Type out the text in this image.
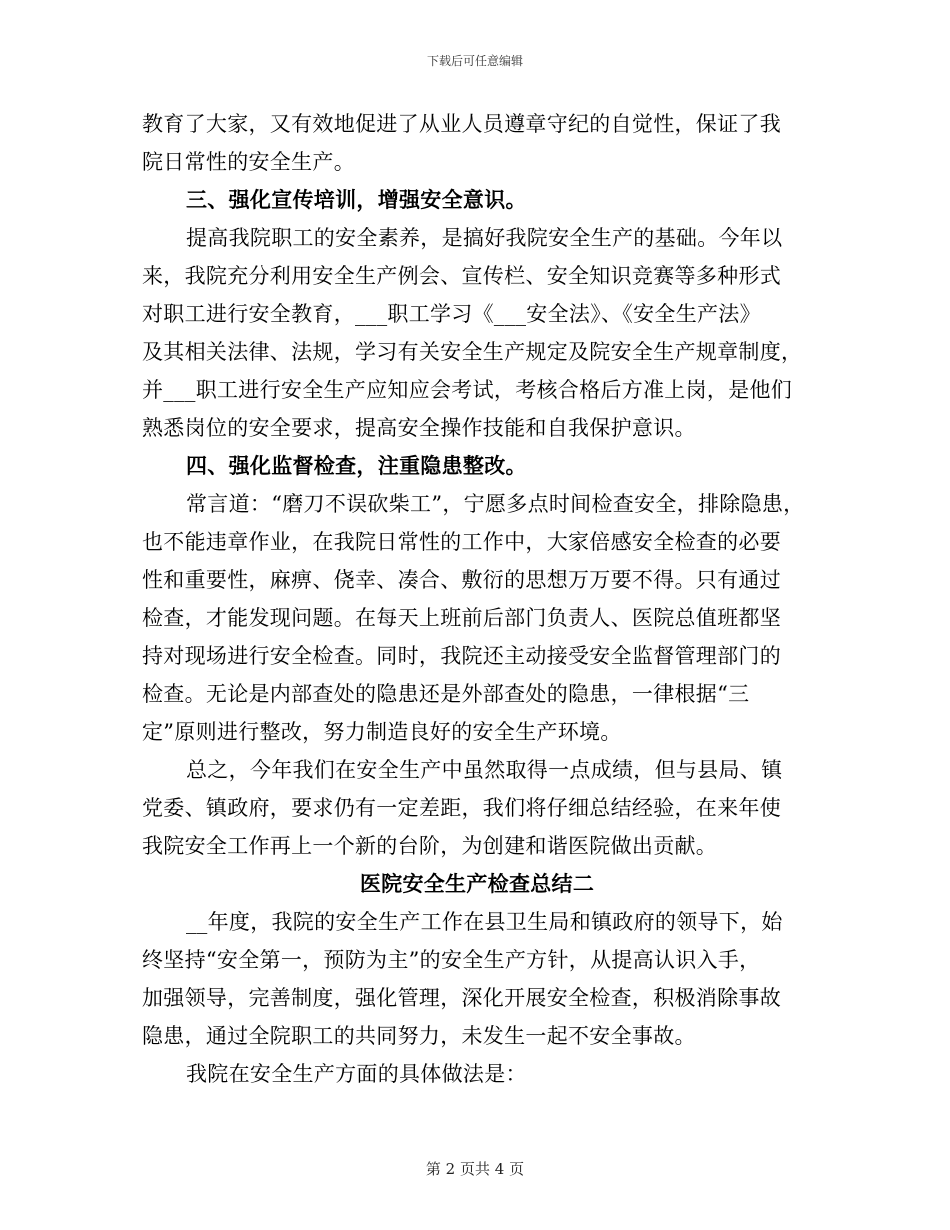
下载后可任意编辑
教育了大家，又有效地促进了从业人员遵章守纪的自觉性，保证了我
院日常性的安全生产。
三、强化宣传培训，增强安全意识。
提高我院职工的安全素养，是搞好我院安全生产的基础。今年以
来，我院充分利用安全生产例会、宣传栏、安全知识竞赛等多种形式
对职工进行安全教育，___职工学习《___安全法》、《安全生产法》
及其相关法律、法规，学习有关安全生产规定及院安全生产规章制度，
并___职工进行安全生产应知应会考试，考核合格后方准上岗，是他们
熟悉岗位的安全要求，提高安全操作技能和自我保护意识。
四、强化监督检查，注重隐患整改。
常言道：“磨刀不误砍柴工”，宁愿多点时间检查安全，排除隐患，
也不能违章作业，在我院日常性的工作中，大家倍感安全检查的必要
性和重要性，麻痹、侥幸、凑合、敷衍的思想万万要不得。只有通过
检查，才能发现问题。在每天上班前后部门负责人、医院总值班都坚
持对现场进行安全检查。同时，我院还主动接受安全监督管理部门的
检查。无论是内部查处的隐患还是外部查处的隐患，一律根据“三
定”原则进行整改，努力制造良好的安全生产环境。
总之，今年我们在安全生产中虽然取得一点成绩，但与县局、镇
党委、镇政府，要求仍有一定差距，我们将仔细总结经验，在来年使
我院安全工作再上一个新的台阶，为创建和谐医院做出贡献。
医院安全生产检查总结二
__年度，我院的安全生产工作在县卫生局和镇政府的领导下，始
终坚持“安全第一，预防为主”的安全生产方针，从提高认识入手，
加强领导，完善制度，强化管理，深化开展安全检查，积极消除事故
隐患，通过全院职工的共同努力，未发生一起不安全事故。
我院在安全生产方面的具体做法是：
第 2 页共 4 页
